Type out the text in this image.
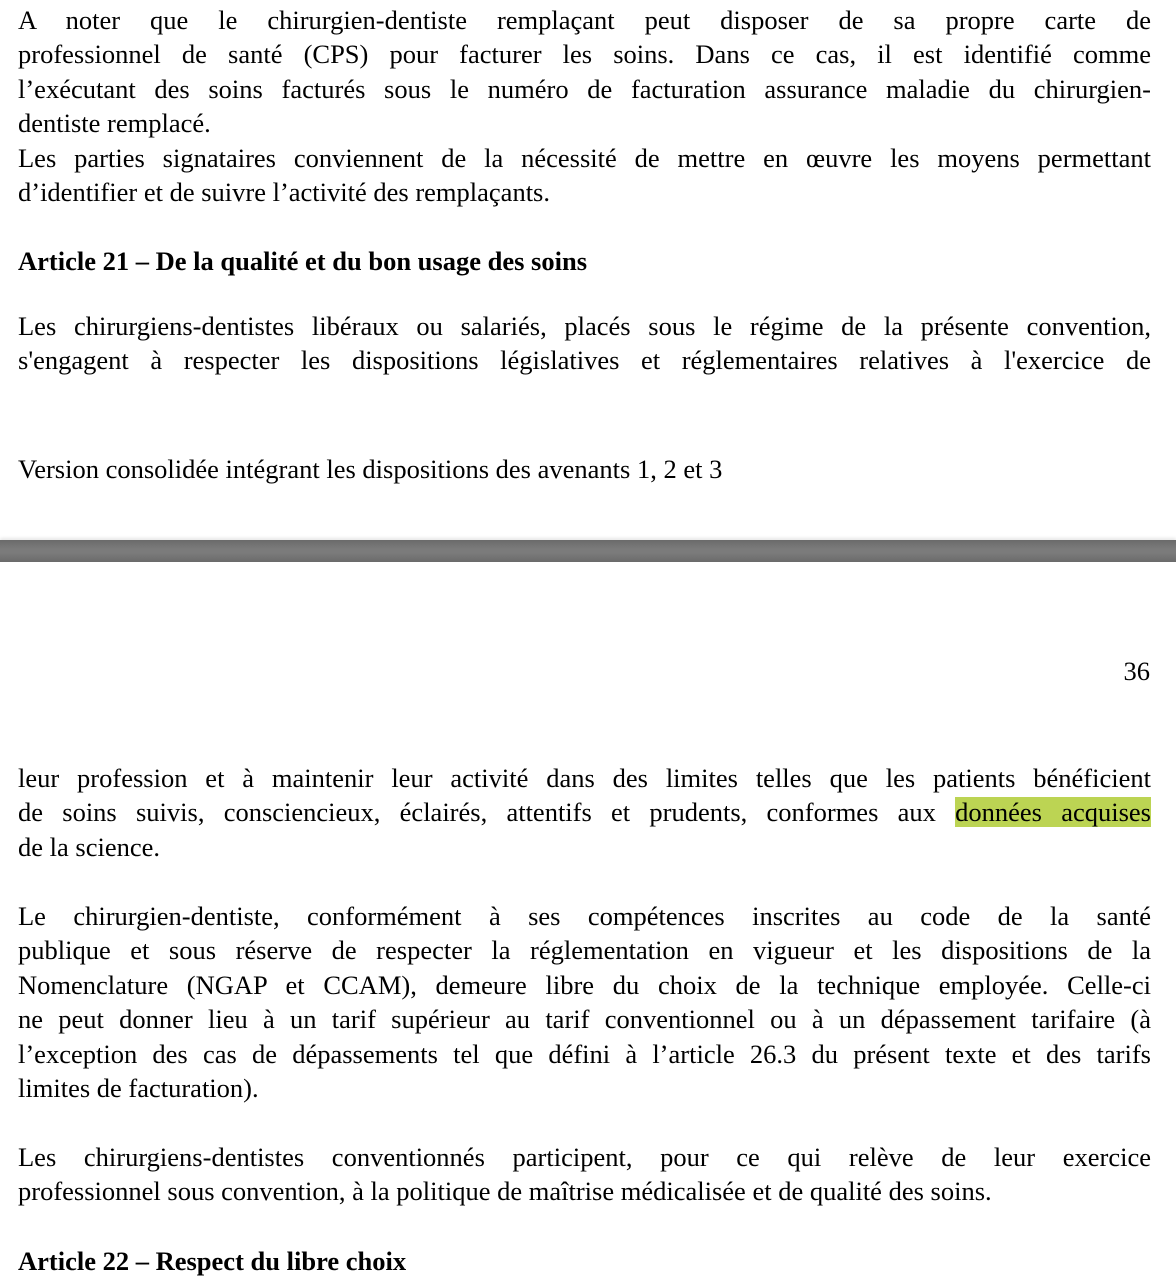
A noter que le chirurgien-dentiste remplaçant peut disposer de sa propre carte de
professionnel de santé (CPS) pour facturer les soins. Dans ce cas, il est identifié comme
l’exécutant des soins facturés sous le numéro de facturation assurance maladie du chirurgien-
dentiste remplacé.
Les parties signataires conviennent de la nécessité de mettre en œuvre les moyens permettant
d’identifier et de suivre l’activité des remplaçants.
Article 21 – De la qualité et du bon usage des soins
Les chirurgiens-dentistes libéraux ou salariés, placés sous le régime de la présente convention,
s'engagent à respecter les dispositions législatives et réglementaires relatives à l'exercice de
Version consolidée intégrant les dispositions des avenants 1, 2 et 3
36
leur profession et à maintenir leur activité dans des limites telles que les patients bénéficient
de soins suivis, consciencieux, éclairés, attentifs et prudents, conformes aux données acquises
de la science.
Le chirurgien-dentiste, conformément à ses compétences inscrites au code de la santé
publique et sous réserve de respecter la réglementation en vigueur et les dispositions de la
Nomenclature (NGAP et CCAM), demeure libre du choix de la technique employée. Celle-ci
ne peut donner lieu à un tarif supérieur au tarif conventionnel ou à un dépassement tarifaire (à
l’exception des cas de dépassements tel que défini à l’article 26.3 du présent texte et des tarifs
limites de facturation).
Les chirurgiens-dentistes conventionnés participent, pour ce qui relève de leur exercice
professionnel sous convention, à la politique de maîtrise médicalisée et de qualité des soins.
Article 22 – Respect du libre choix
